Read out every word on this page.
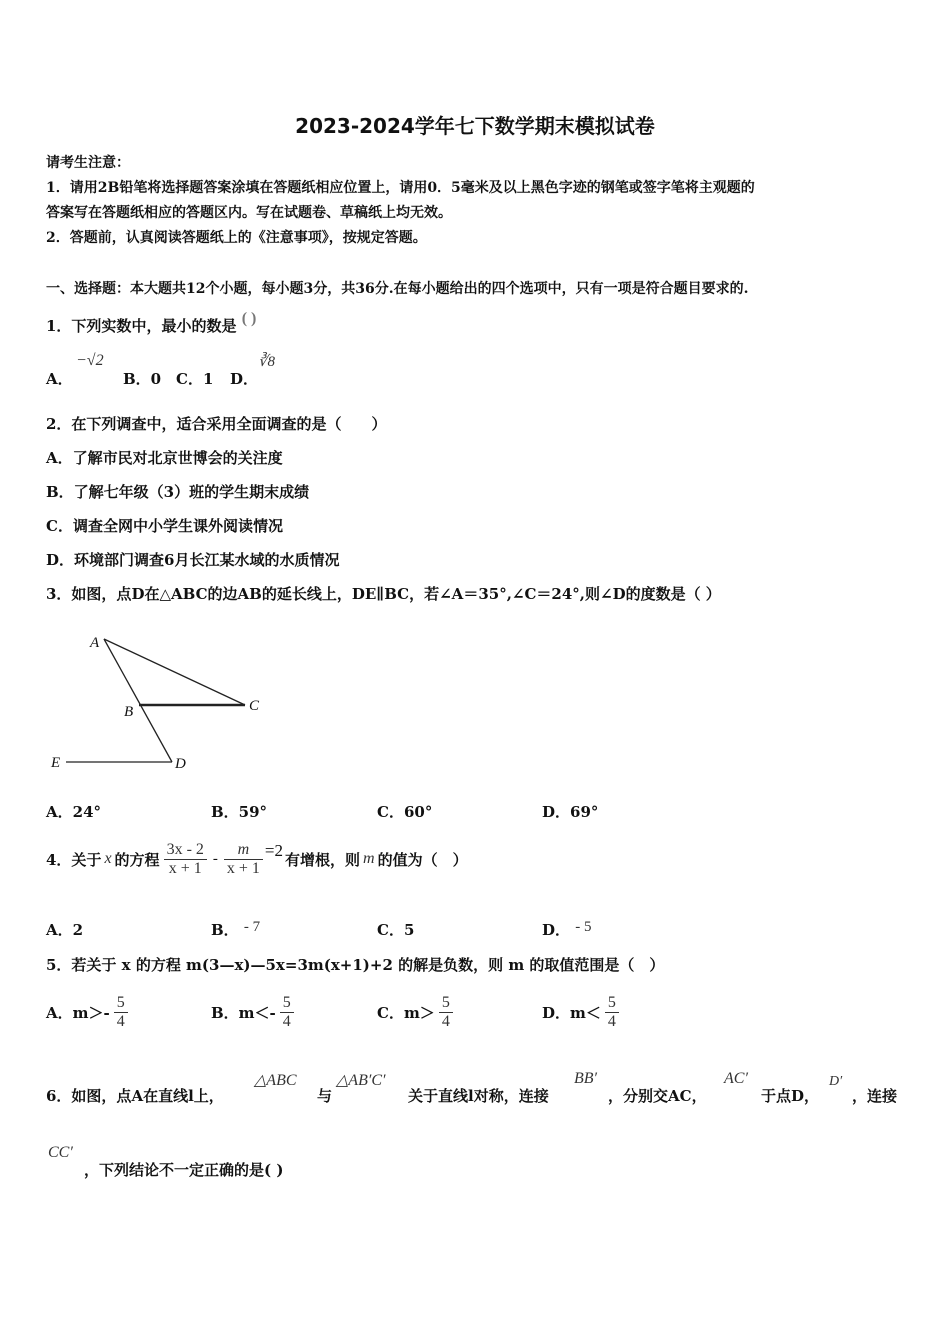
2023-2024学年七下数学期末模拟试卷
请考生注意：
1．请用2B铅笔将选择题答案涂填在答题纸相应位置上，请用0．5毫米及以上黑色字迹的钢笔或签字笔将主观题的
答案写在答题纸相应的答题区内。写在试题卷、草稿纸上均无效。
2．答题前，认真阅读答题纸上的《注意事项》，按规定答题。
一、选择题：本大题共12个小题，每小题3分，共36分.在每小题给出的四个选项中，只有一项是符合题目要求的.
1．下列实数中，最小的数是 ( )
A．
−√2
B．0 C．1 D．
∛8
2．在下列调查中，适合采用全面调查的是（　　）
A．了解市民对北京世博会的关注度
B．了解七年级（3）班的学生期末成绩
C．调查全网中小学生课外阅读情况
D．环境部门调查6月长江某水域的水质情况
3．如图，点D在△ABC的边AB的延长线上，DE∥BC，若∠A＝35°,∠C＝24°,则∠D的度数是（ ）
A
B	C
D
E
A．24°	B．59°	C．60°	D．69°
4．关于 x 的方程 $\frac{3x - 2}{x + 1} - \frac{m}{x + 1} =2$ 有增根，则 m 的值为（　）
A．2	B． - 7	C．5	D． - 5
5．若关于 x 的方程 m(3—x)—5x=3m(x+1)+2 的解是负数，则 m 的取值范围是（　）
A．$m>- \frac{5}{4}$	B．$m<- \frac{5}{4}$	C．$m> \frac{5}{4}$	D．$m< \frac{5}{4}$
6．如图，点A在直线l上，
△ABC
与
△AB′C′
关于直线l对称，连接
BB′
，分别交AC，
AC′
于点D，
D′
，连接
CC′
，下列结论不一定正确的是( )
